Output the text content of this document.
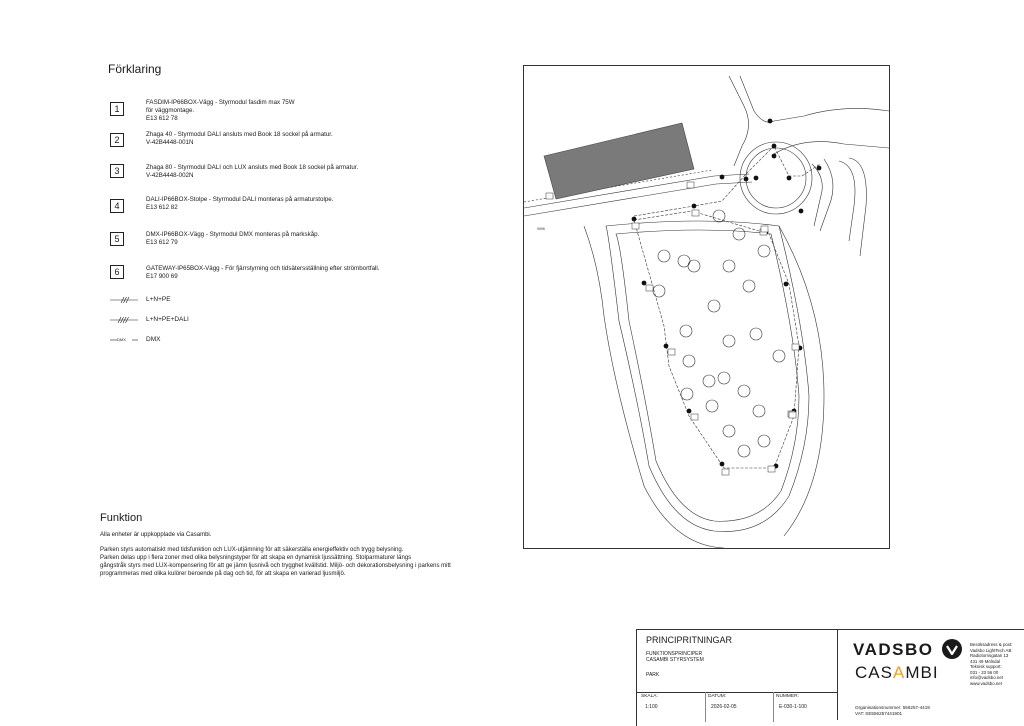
Förklaring
1
FASDIM-IP66BOX-Vägg - Styrmodul fasdim max 75W
för väggmontage.
E13 612 78
2
Zhaga 40 - Styrmodul DALI ansluts med Book 18 sockel på armatur.
V-42B4448-001N
3	Zhaga 80 - Styrmodul DALI och LUX ansluts med Book 18 sockel på armatur.
V-42B4448-002N
4
DALI-IP66BOX-Stolpe - Styrmodul DALI monteras på armaturstolpe.
E13 612 82
5	DMX-IP66BOX-Vägg - Styrmodul DMX monteras på markskåp.
E13 612 79
6	GATEWAY-IP65BOX-Vägg - För fjärrstyrning och tidsätersställning efter strömbortfall.
E17 900 69
DMX
L+N+PE
L+N+PE+DALI
DMX
Funktion
Alla enheter är uppkopplade via Casambi.
Parken styrs automatiskt med tidsfunktion och LUX-utjämning för att säkerställa energieffektiv och trygg belysning.
Parken delas upp i flera zoner med olika belysningstyper för att skapa en dynamisk ljussättning. Stolparmaturer längs
gångstråk styrs med LUX-kompensering för att ge jämn ljusnivå och trygghet kvällstid. Miljö- och dekorationsbelysning i parkens mitt
programmeras med olika kulörer beroende på dag och tid, för att skapa en varierad ljusmiljö.
9996
PRINCIPRITNINGAR
FUNKTIONSPRINCIPER
CASAMBI STYRSYSTEM
PARK
SKALA:
1:100
DATUM:
2026-02-05
NUMMER:
E-030-1-100
VADSBO
CASAMBI
Besöksadress & post:
Vadsbo LightTech AB
Radiotornsgatan 13
431 49 Mölndal
Teknisk support:
031 - 23 56 00
info@vadsbo.net
www.vadsbo.net
Organisationsnummer: 556257-4419
VAT: SE556257441901
